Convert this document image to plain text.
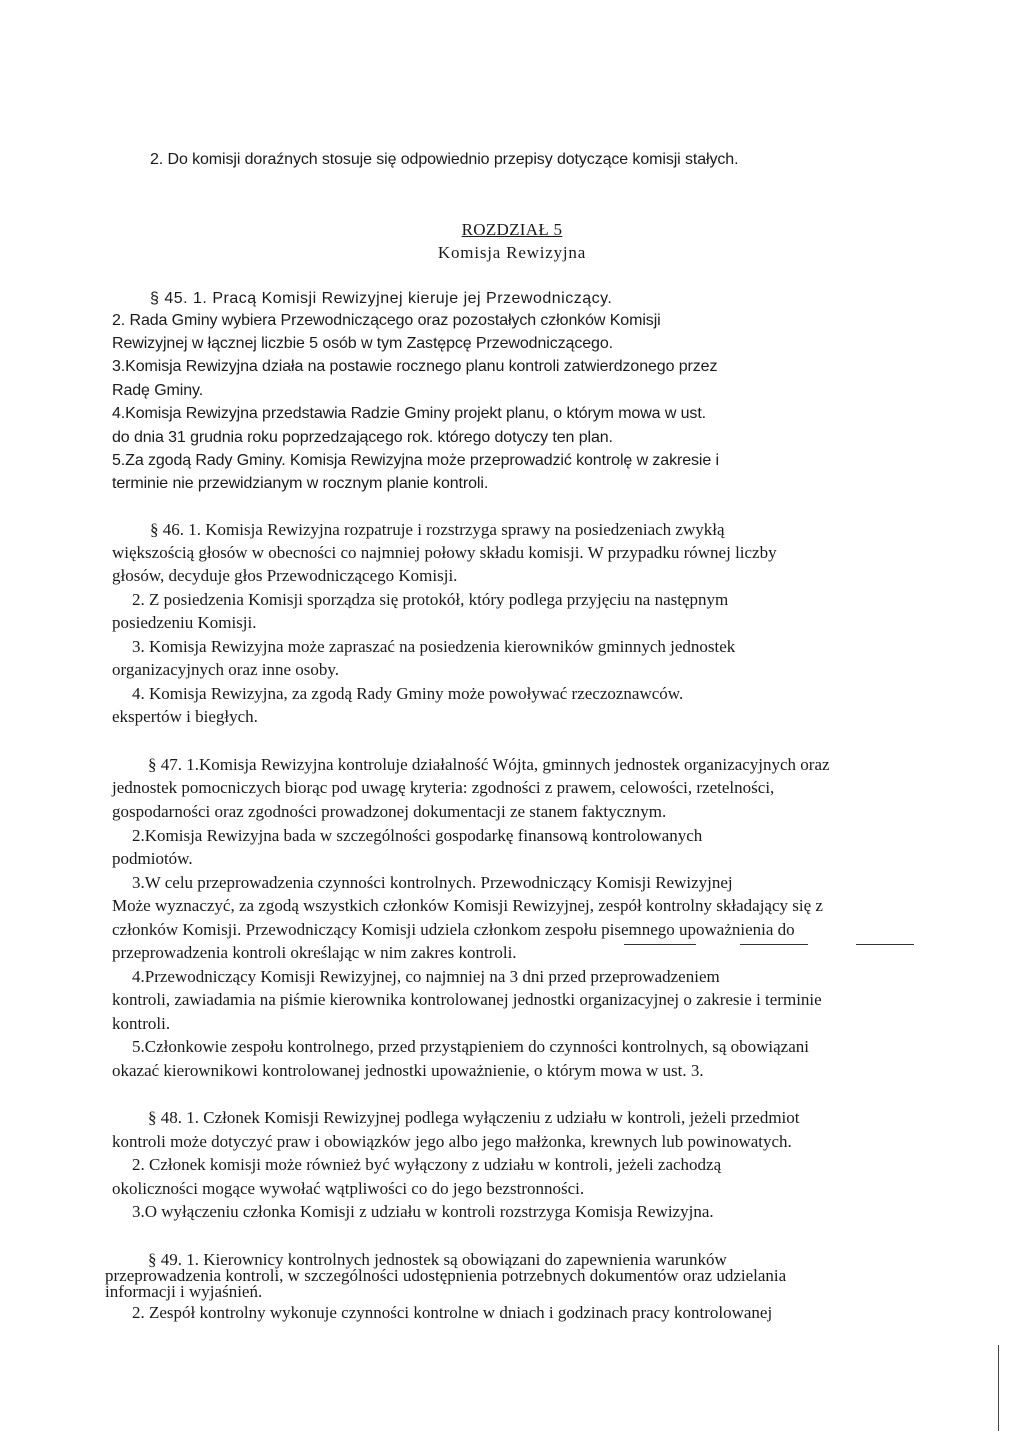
2. Do komisji doraźnych stosuje się odpowiednio przepisy dotyczące komisji stałych.
ROZDZIAŁ 5
Komisja Rewizyjna
§ 45. 1. Pracą Komisji Rewizyjnej kieruje jej Przewodniczący.
2. Rada Gminy wybiera Przewodniczącego oraz pozostałych członków Komisji
Rewizyjnej w łącznej liczbie 5 osób w tym Zastępcę Przewodniczącego.
3.Komisja Rewizyjna działa na postawie rocznego planu kontroli zatwierdzonego przez
Radę Gminy.
4.Komisja Rewizyjna przedstawia Radzie Gminy projekt planu, o którym mowa w ust.
do dnia 31 grudnia roku poprzedzającego rok. którego dotyczy ten plan.
5.Za zgodą Rady Gminy. Komisja Rewizyjna może przeprowadzić kontrolę w zakresie i
terminie nie przewidzianym w rocznym planie kontroli.
§ 46. 1. Komisja Rewizyjna rozpatruje i rozstrzyga sprawy na posiedzeniach zwykłą
większością głosów w obecności co najmniej połowy składu komisji. W przypadku równej liczby
głosów, decyduje głos Przewodniczącego Komisji.
2. Z posiedzenia Komisji sporządza się protokół, który podlega przyjęciu na następnym
posiedzeniu Komisji.
3. Komisja Rewizyjna może zapraszać na posiedzenia kierowników gminnych jednostek
organizacyjnych oraz inne osoby.
4. Komisja Rewizyjna, za zgodą Rady Gminy może powoływać rzeczoznawców.
ekspertów i biegłych.
§ 47. 1.Komisja Rewizyjna kontroluje działalność Wójta, gminnych jednostek organizacyjnych oraz
jednostek pomocniczych biorąc pod uwagę kryteria: zgodności z prawem, celowości, rzetelności,
gospodarności oraz zgodności prowadzonej dokumentacji ze stanem faktycznym.
2.Komisja Rewizyjna bada w szczególności gospodarkę finansową kontrolowanych
podmiotów.
3.W celu przeprowadzenia czynności kontrolnych. Przewodniczący Komisji Rewizyjnej
Może wyznaczyć, za zgodą wszystkich członków Komisji Rewizyjnej, zespół kontrolny składający się z
członków Komisji. Przewodniczący Komisji udziela członkom zespołu pisemnego upoważnienia do
przeprowadzenia kontroli określając w nim zakres kontroli.
4.Przewodniczący Komisji Rewizyjnej, co najmniej na 3 dni przed przeprowadzeniem
kontroli, zawiadamia na piśmie kierownika kontrolowanej jednostki organizacyjnej o zakresie i terminie
kontroli.
5.Członkowie zespołu kontrolnego, przed przystąpieniem do czynności kontrolnych, są obowiązani
okazać kierownikowi kontrolowanej jednostki upoważnienie, o którym mowa w ust. 3.
§ 48. 1. Członek Komisji Rewizyjnej podlega wyłączeniu z udziału w kontroli, jeżeli przedmiot
kontroli może dotyczyć praw i obowiązków jego albo jego małżonka, krewnych lub powinowatych.
2. Członek komisji może również być wyłączony z udziału w kontroli, jeżeli zachodzą
okoliczności mogące wywołać wątpliwości co do jego bezstronności.
3.O wyłączeniu członka Komisji z udziału w kontroli rozstrzyga Komisja Rewizyjna.
§ 49. 1. Kierownicy kontrolnych jednostek są obowiązani do zapewnienia warunków
przeprowadzenia kontroli, w szczególności udostępnienia potrzebnych dokumentów oraz udzielania
informacji i wyjaśnień.
2. Zespół kontrolny wykonuje czynności kontrolne w dniach i godzinach pracy kontrolowanej
